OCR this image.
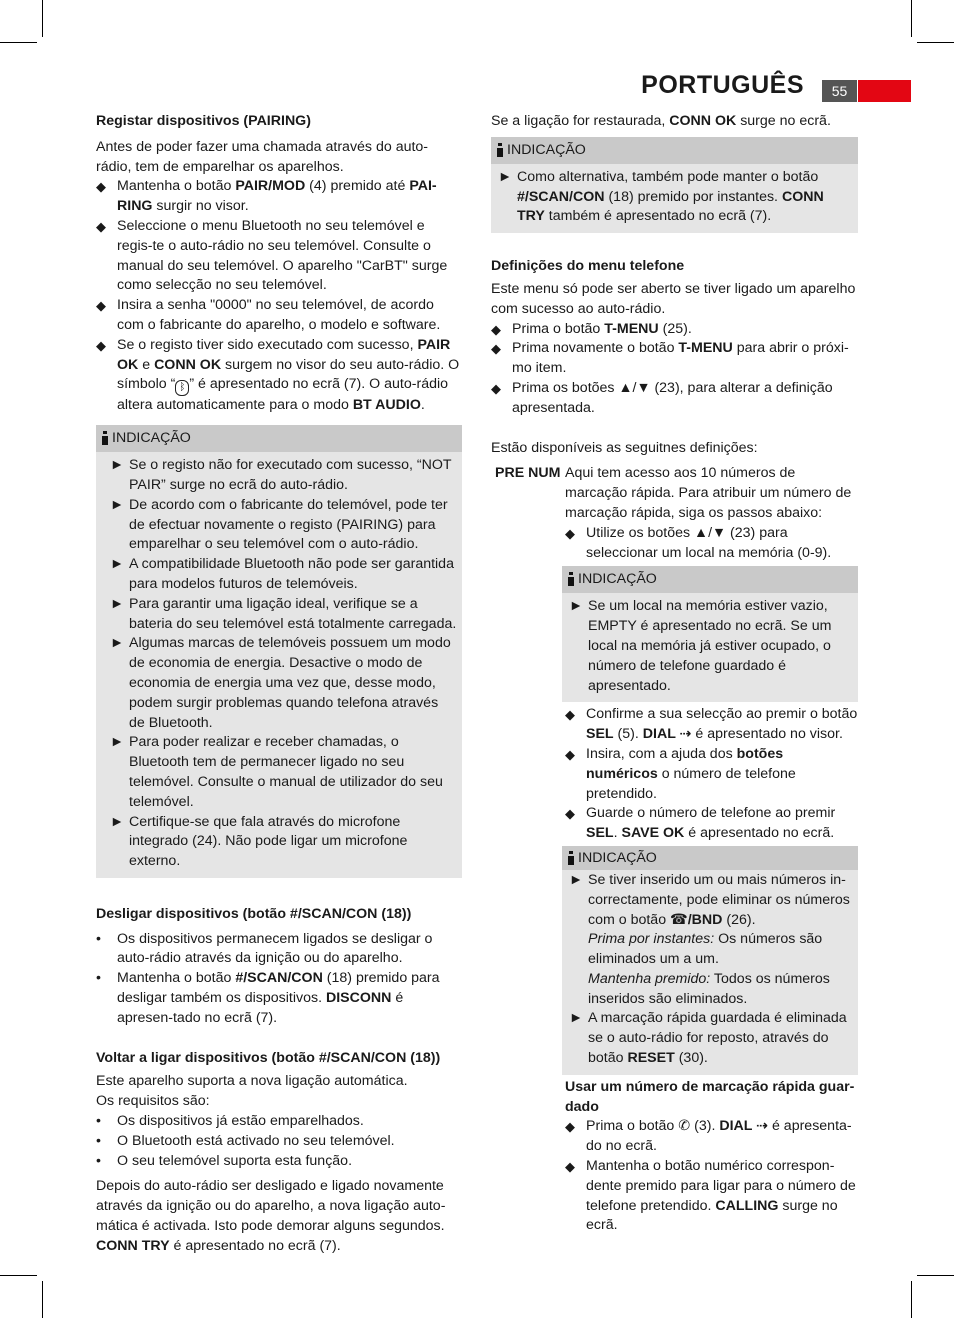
PORTUGUÊS	55

Registar dispositivos (PAIRING)

Antes de poder fazer uma chamada através do auto-rádio, tem de emparelhar os aparelhos.

◆ Mantenha o botão PAIR/MOD (4) premido até PAI-RING surgir no visor.
◆ Seleccione o menu Bluetooth no seu telemóvel e regis-te o auto-rádio no seu telemóvel. Consulte o manual do seu telemóvel. O aparelho "CarBT" surge como selecção no seu telemóvel.
◆ Insira a senha "0000" no seu telemóvel, de acordo com o fabricante do aparelho, o modelo e software.
◆ Se o registo tiver sido executado com sucesso, PAIR OK e CONN OK surgem no visor do seu auto-rádio. O símbolo “ ᛒ ” é apresentado no ecrã (7). O auto-rádio altera automaticamente para o modo BT AUDIO.
INDICAÇÃO
► Se o registo não for executado com sucesso, “NOT PAIR” surge no ecrã do auto-rádio.
► De acordo com o fabricante do telemóvel, pode ter de efectuar novamente o registo (PAIRING) para emparelhar o seu telemóvel com o auto-rádio.
► A compatibilidade Bluetooth não pode ser garantida para modelos futuros de telemóveis.
► Para garantir uma ligação ideal, verifique se a bateria do seu telemóvel está totalmente carregada.
► Algumas marcas de telemóveis possuem um modo de economia de energia. Desactive o modo de economia de energia uma vez que, desse modo, podem surgir problemas quando telefona através de Bluetooth.
► Para poder realizar e receber chamadas, o Bluetooth tem de permanecer ligado no seu telemóvel. Consulte o manual de utilizador do seu telemóvel.
► Certifique-se que fala através do microfone integrado (24). Não pode ligar um microfone externo.

Desligar dispositivos (botão #/SCAN/CON (18))

•	Os dispositivos permanecem ligados se desligar o auto-rádio através da ignição ou do aparelho.
•	Mantenha o botão #/SCAN/CON (18) premido para desligar também os dispositivos. DISCONN é apresen-tado no ecrã (7).

Voltar a ligar dispositivos (botão #/SCAN/CON (18))

Este aparelho suporta a nova ligação automática.

Os requisitos são:

•	Os dispositivos já estão emparelhados.
•	O Bluetooth está activado no seu telemóvel.
•	O seu telemóvel suporta esta função.

Depois do auto-rádio ser desligado e ligado novamente através da ignição ou do aparelho, a nova ligação auto-mática é activada. Isto pode demorar alguns segundos. CONN TRY é apresentado no ecrã (7).

Se a ligação for restaurada, CONN OK surge no ecrã.

INDICAÇÃO
► Como alternativa, também pode manter o botão #/SCAN/CON (18) premido por instantes. CONN TRY também é apresentado no ecrã (7).

Definições do menu telefone

Este menu só pode ser aberto se tiver ligado um aparelho com sucesso ao auto-rádio.

◆ Prima o botão T-MENU (25).
◆ Prima novamente o botão T-MENU para abrir o próxi-mo item.
◆ Prima os botões ▲/▼ (23), para alterar a definição apresentada.

Estão disponíveis as seguitnes definições:

PRE NUM Aqui tem acesso aos 10 números de marcação rápida. Para atribuir um número de marcação rápida, siga os passos abaixo:

◆ Utilize os botões ▲/▼ (23) para seleccionar um local na memória (0-9).
INDICAÇÃO
► Se um local na memória estiver vazio, EMPTY é apresentado no ecrã. Se um local na memória já estiver ocupado, o número de telefone guardado é apresentado.
◆ Confirme a sua selecção ao premir o botão SEL (5). DIAL ⇢ é apresentado no visor.
◆ Insira, com a ajuda dos botões numéricos o número de telefone pretendido.
◆ Guarde o número de telefone ao premir SEL. SAVE OK é apresentado no ecrã.
INDICAÇÃO
► Se tiver inserido um ou mais números in-correctamente, pode eliminar os números com o botão ☎/BND (26).
Prima por instantes: Os números são eliminados um a um.
Mantenha premido: Todos os números inseridos são eliminados.
► A marcação rápida guardada é eliminada se o auto-rádio for reposto, através do botão RESET (30).

Usar um número de marcação rápida guar-dado

◆ Prima o botão ✆ (3). DIAL ⇢ é apresenta-do no ecrã.
◆ Mantenha o botão numérico correspon-dente premido para ligar para o número de telefone pretendido. CALLING surge no ecrã.
